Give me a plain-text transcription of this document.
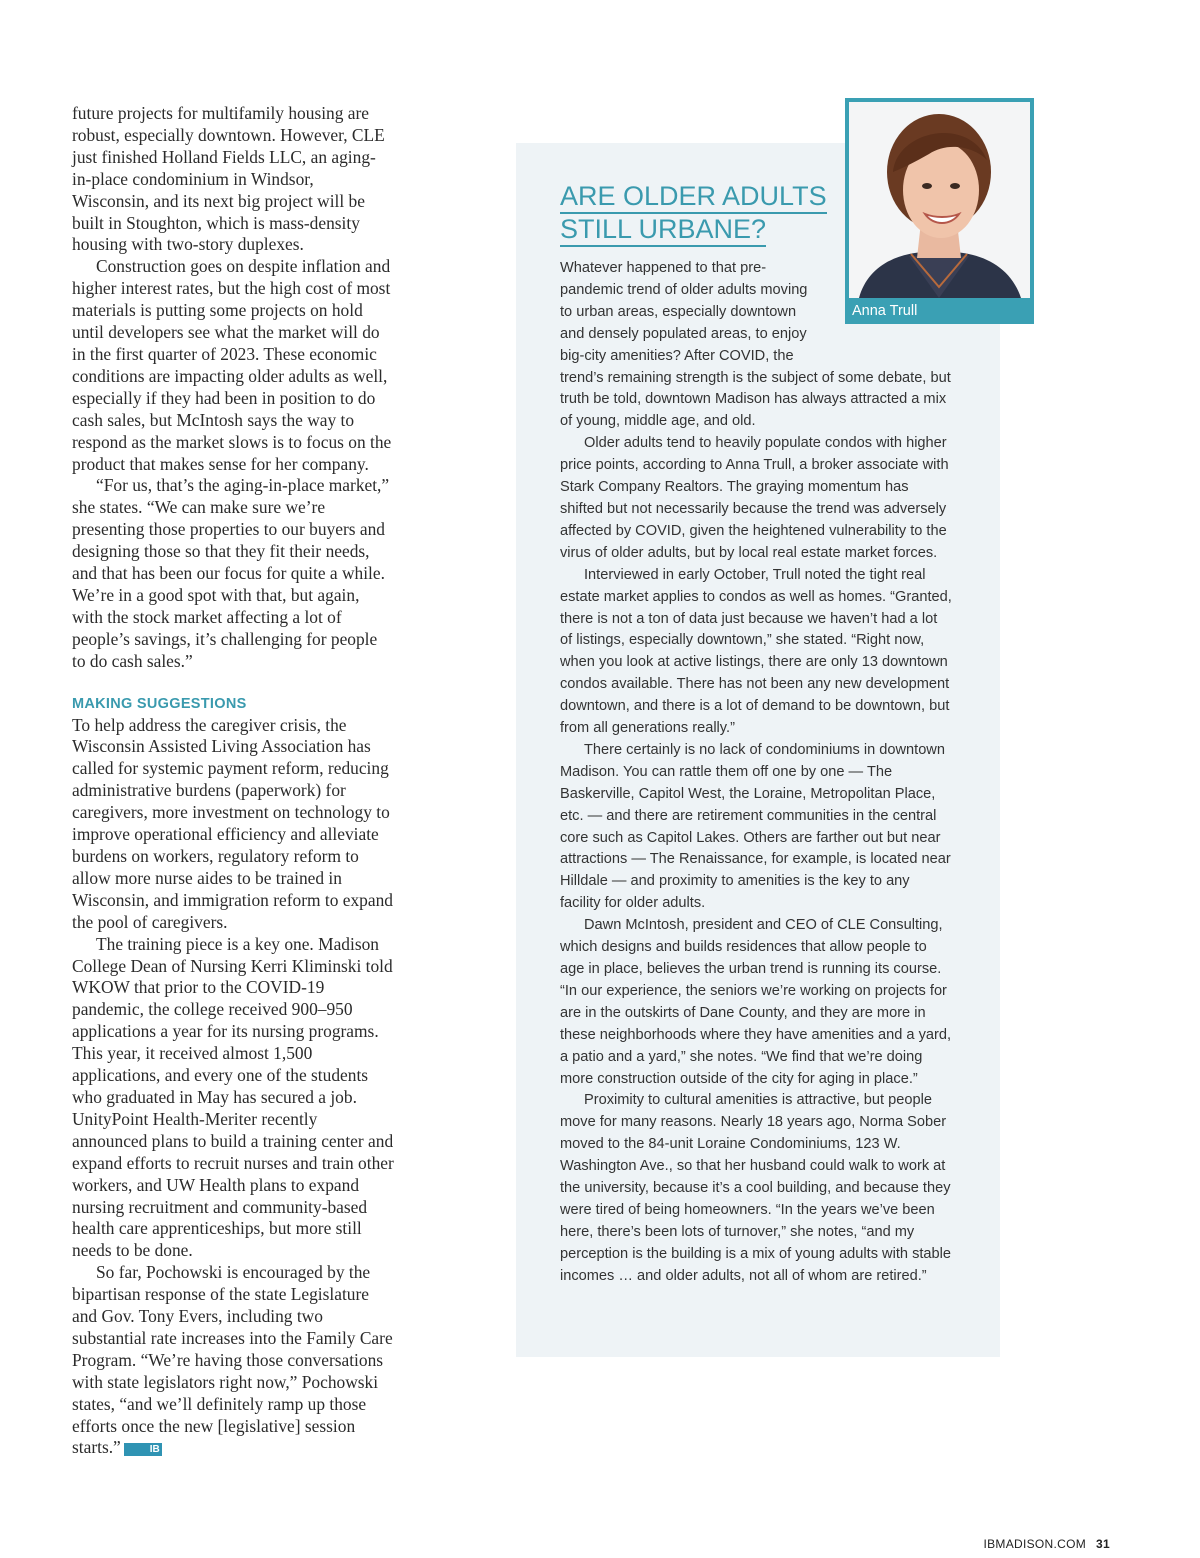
future projects for multifamily housing are robust, especially downtown. However, CLE just finished Holland Fields LLC, an aging-in-place condominium in Windsor, Wisconsin, and its next big project will be built in Stoughton, which is mass-density housing with two-story duplexes.

Construction goes on despite inflation and higher interest rates, but the high cost of most materials is putting some projects on hold until developers see what the market will do in the first quarter of 2023. These economic conditions are impacting older adults as well, especially if they had been in position to do cash sales, but McIntosh says the way to respond as the market slows is to focus on the product that makes sense for her company.

“For us, that’s the aging-in-place market,” she states. “We can make sure we’re presenting those properties to our buyers and designing those so that they fit their needs, and that has been our focus for quite a while. We’re in a good spot with that, but again, with the stock market affecting a lot of people’s savings, it’s challenging for people to do cash sales.”

MAKING SUGGESTIONS

To help address the caregiver crisis, the Wisconsin Assisted Living Association has called for systemic payment reform, reducing administrative burdens (paperwork) for caregivers, more investment on technology to improve operational efficiency and alleviate burdens on workers, regulatory reform to allow more nurse aides to be trained in Wisconsin, and immigration reform to expand the pool of caregivers.

The training piece is a key one. Madison College Dean of Nursing Kerri Kliminski told WKOW that prior to the COVID-19 pandemic, the college received 900–950 applications a year for its nursing programs. This year, it received almost 1,500 applications, and every one of the students who graduated in May has secured a job. UnityPoint Health-Meriter recently announced plans to build a training center and expand efforts to recruit nurses and train other workers, and UW Health plans to expand nursing recruitment and community-based health care apprenticeships, but more still needs to be done.

So far, Pochowski is encouraged by the bipartisan response of the state Legislature and Gov. Tony Evers, including two substantial rate increases into the Family Care Program. “We’re having those conversations with state legislators right now,” Pochowski states, “and we’ll definitely ramp up those efforts once the new [legislative] session starts.”	IB

ARE OLDER ADULTS
STILL URBANE?

Whatever happened to that pre-pandemic trend of older adults moving to urban areas, especially downtown and densely populated areas, to enjoy big-city amenities? After COVID, the trend’s remaining strength is the subject of some debate, but truth be told, downtown Madison has always attracted a mix of young, middle age, and old.

Older adults tend to heavily populate condos with higher price points, according to Anna Trull, a broker associate with Stark Company Realtors. The graying momentum has shifted but not necessarily because the trend was adversely affected by COVID, given the heightened vulnerability to the virus of older adults, but by local real estate market forces.

Interviewed in early October, Trull noted the tight real estate market applies to condos as well as homes. “Granted, there is not a ton of data just because we haven’t had a lot of listings, especially downtown,” she stated. “Right now, when you look at active listings, there are only 13 downtown condos available. There has not been any new development downtown, and there is a lot of demand to be downtown, but from all generations really.”

There certainly is no lack of condominiums in downtown Madison. You can rattle them off one by one — The Baskerville, Capitol West, the Loraine, Metropolitan Place, etc. — and there are retirement communities in the central core such as Capitol Lakes. Others are farther out but near attractions — The Renaissance, for example, is located near Hilldale — and proximity to amenities is the key to any facility for older adults.

Dawn McIntosh, president and CEO of CLE Consulting, which designs and builds residences that allow people to age in place, believes the urban trend is running its course. “In our experience, the seniors we’re working on projects for are in the outskirts of Dane County, and they are more in these neighborhoods where they have amenities and a yard, a patio and a yard,” she notes. “We find that we’re doing more construction outside of the city for aging in place.”

Proximity to cultural amenities is attractive, but people move for many reasons. Nearly 18 years ago, Norma Sober moved to the 84-unit Loraine Condominiums, 123 W. Washington Ave., so that her husband could walk to work at the university, because it’s a cool building, and because they were tired of being homeowners. “In the years we’ve been here, there’s been lots of turnover,” she notes, “and my perception is the building is a mix of young adults with stable incomes … and older adults, not all of whom are retired.”

Anna Trull
IBMADISON.COM 31
